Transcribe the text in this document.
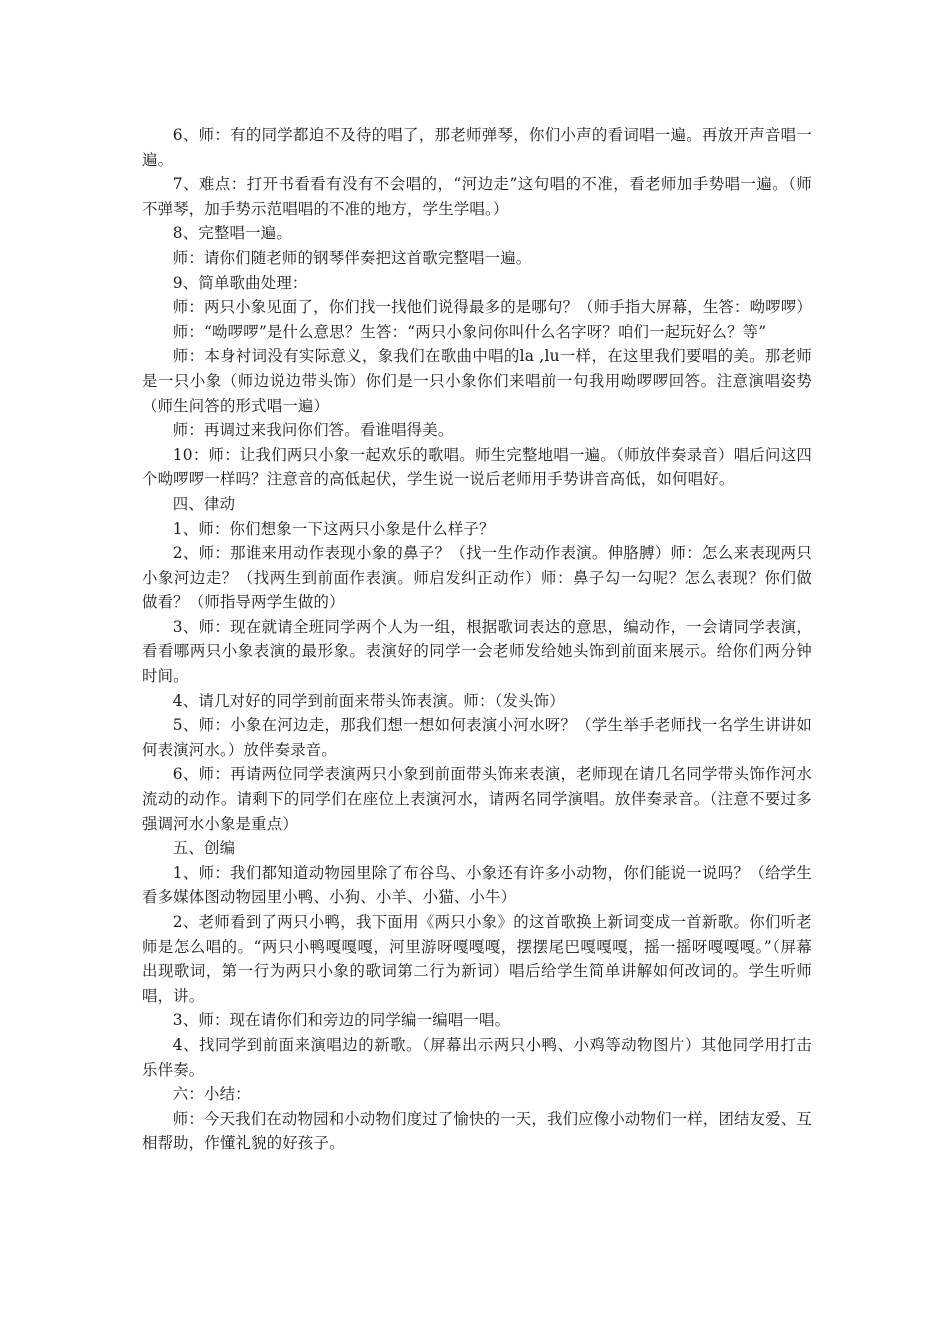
6、师：有的同学都迫不及待的唱了，那老师弹琴，你们小声的看词唱一遍。再放开声音唱一遍。

7、难点：打开书看看有没有不会唱的，“河边走”这句唱的不准，看老师加手势唱一遍。（师不弹琴，加手势示范唱唱的不准的地方，学生学唱。）

8、完整唱一遍。

师：请你们随老师的钢琴伴奏把这首歌完整唱一遍。

9、简单歌曲处理：

师：两只小象见面了，你们找一找他们说得最多的是哪句？（师手指大屏幕，生答：呦啰啰）

师：“呦啰啰”是什么意思？生答：“两只小象问你叫什么名字呀？咱们一起玩好么？等”

师：本身衬词没有实际意义，象我们在歌曲中唱的la ,lu一样，在这里我们要唱的美。那老师是一只小象（师边说边带头饰）你们是一只小象你们来唱前一句我用呦啰啰回答。注意演唱姿势（师生问答的形式唱一遍）

师：再调过来我问你们答。看谁唱得美。

10：师：让我们两只小象一起欢乐的歌唱。师生完整地唱一遍。（师放伴奏录音）唱后问这四个呦啰啰一样吗？注意音的高低起伏，学生说一说后老师用手势讲音高低，如何唱好。

四、律动

1、师：你们想象一下这两只小象是什么样子？

2、师：那谁来用动作表现小象的鼻子？（找一生作动作表演。伸胳膊）师：怎么来表现两只小象河边走？（找两生到前面作表演。师启发纠正动作）师：鼻子勾一勾呢？怎么表现？你们做做看？（师指导两学生做的）

3、师：现在就请全班同学两个人为一组，根据歌词表达的意思，编动作，一会请同学表演，看看哪两只小象表演的最形象。表演好的同学一会老师发给她头饰到前面来展示。给你们两分钟时间。

4、请几对好的同学到前面来带头饰表演。师：（发头饰）

5、师：小象在河边走，那我们想一想如何表演小河水呀？（学生举手老师找一名学生讲讲如何表演河水。）放伴奏录音。

6、师：再请两位同学表演两只小象到前面带头饰来表演，老师现在请几名同学带头饰作河水流动的动作。请剩下的同学们在座位上表演河水，请两名同学演唱。放伴奏录音。（注意不要过多强调河水小象是重点）

五、创编

1、师：我们都知道动物园里除了布谷鸟、小象还有许多小动物，你们能说一说吗？（给学生看多媒体图动物园里小鸭、小狗、小羊、小猫、小牛）

2、老师看到了两只小鸭，我下面用《两只小象》的这首歌换上新词变成一首新歌。你们听老师是怎么唱的。“两只小鸭嘎嘎嘎，河里游呀嘎嘎嘎，摆摆尾巴嘎嘎嘎，摇一摇呀嘎嘎嘎。”（屏幕出现歌词，第一行为两只小象的歌词第二行为新词）唱后给学生简单讲解如何改词的。学生听师唱，讲。

3、师：现在请你们和旁边的同学编一编唱一唱。

4、找同学到前面来演唱边的新歌。（屏幕出示两只小鸭、小鸡等动物图片）其他同学用打击乐伴奏。

六：小结：

师：今天我们在动物园和小动物们度过了愉快的一天，我们应像小动物们一样，团结友爱、互相帮助，作懂礼貌的好孩子。
